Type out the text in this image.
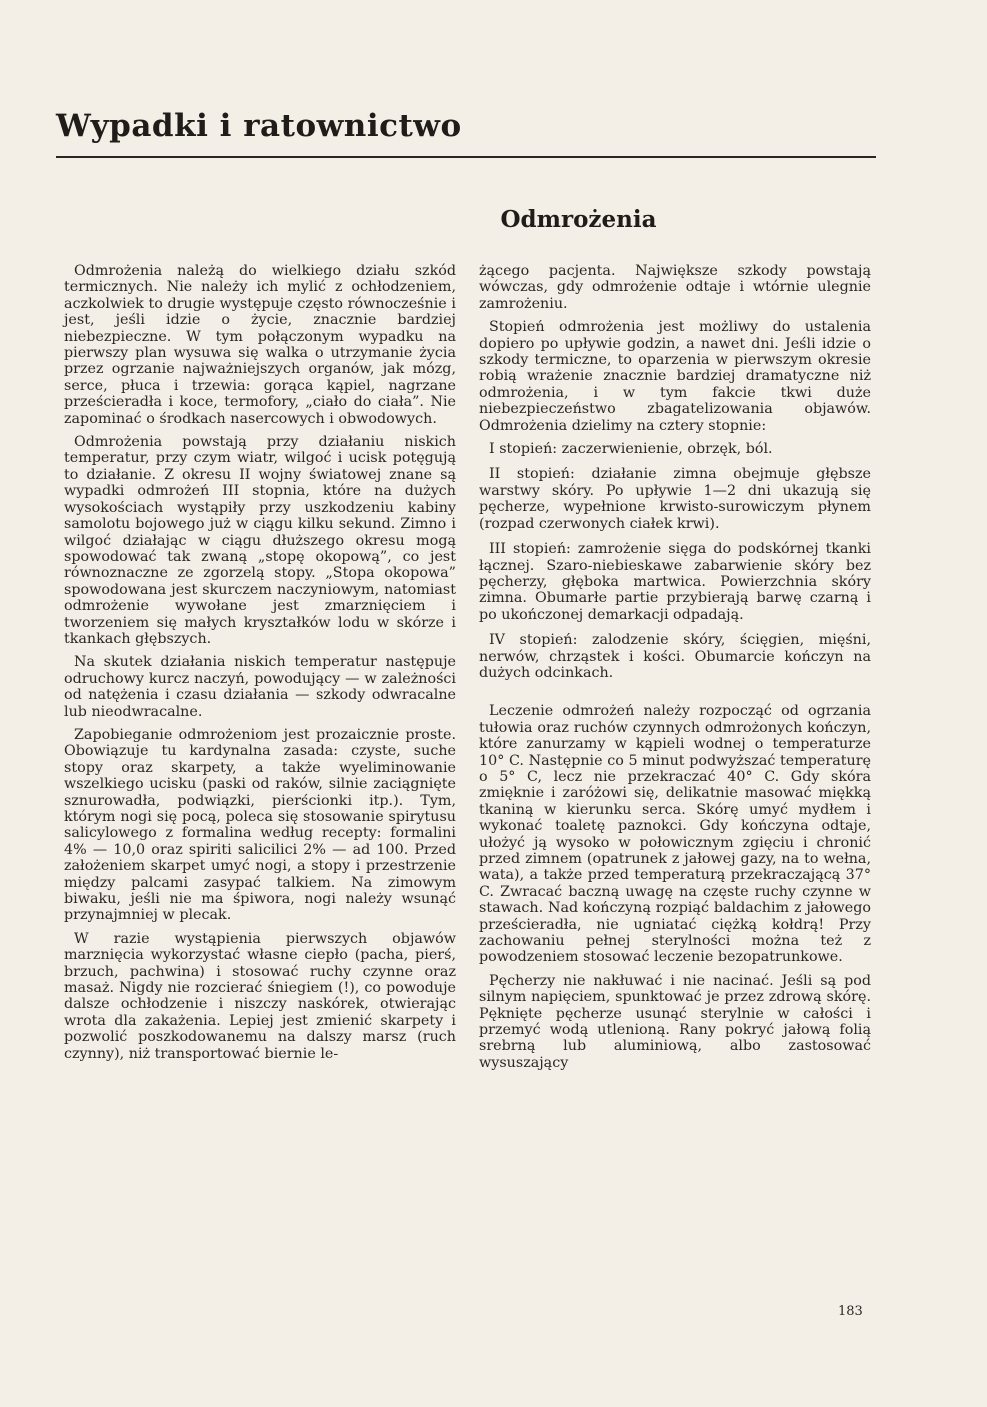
Wypadki i ratownictwo
Odmrożenia

Odmrożenia należą do wielkiego działu szkód termicznych. Nie należy ich mylić z ochłodzeniem, aczkolwiek to drugie występuje często równocześnie i jest, jeśli idzie o życie, znacznie bardziej niebezpieczne. W tym połączonym wypadku na pierwszy plan wysuwa się walka o utrzymanie życia przez ogrzanie najważniejszych organów, jak mózg, serce, płuca i trzewia: gorąca kąpiel, nagrzane prześcieradła i koce, termofory, „ciało do ciała”. Nie zapominać o środkach nasercowych i obwodowych.

Odmrożenia powstają przy działaniu niskich temperatur, przy czym wiatr, wilgoć i ucisk potęgują to działanie. Z okresu II wojny światowej znane są wypadki odmrożeń III stopnia, które na dużych wysokościach wystąpiły przy uszkodzeniu kabiny samolotu bojowego już w ciągu kilku sekund. Zimno i wilgoć działając w ciągu dłuższego okresu mogą spowodować tak zwaną „stopę okopową”, co jest równoznaczne ze zgorzelą stopy. „Stopa okopowa” spowodowana jest skurczem naczyniowym, natomiast odmrożenie wywołane jest zmarznięciem i tworzeniem się małych kryształków lodu w skórze i tkankach głębszych.

Na skutek działania niskich temperatur następuje odruchowy kurcz naczyń, powodujący — w zależności od natężenia i czasu działania — szkody odwracalne lub nieodwracalne.

Zapobieganie odmrożeniom jest prozaicznie proste. Obowiązuje tu kardynalna zasada: czyste, suche stopy oraz skarpety, a także wyeliminowanie wszelkiego ucisku (paski od raków, silnie zaciągnięte sznurowadła, podwiązki, pierścionki itp.). Tym, którym nogi się pocą, poleca się stosowanie spirytusu salicylowego z formalina według recepty: formalini 4% — 10,0 oraz spiriti salicilici 2% — ad 100. Przed założeniem skarpet umyć nogi, a stopy i przestrzenie między palcami zasypać talkiem. Na zimowym biwaku, jeśli nie ma śpiwora, nogi należy wsunąć przynajmniej w plecak.

W razie wystąpienia pierwszych objawów marznięcia wykorzystać własne ciepło (pacha, pierś, brzuch, pachwina) i stosować ruchy czynne oraz masaż. Nigdy nie rozcierać śniegiem (!), co powoduje dalsze ochłodzenie i niszczy naskórek, otwierając wrota dla zakażenia. Lepiej jest zmienić skarpety i pozwolić poszkodowanemu na dalszy marsz (ruch czynny), niż transportować biernie le-

żącego pacjenta. Największe szkody powstają wówczas, gdy odmrożenie odtaje i wtórnie ulegnie zamrożeniu.

Stopień odmrożenia jest możliwy do ustalenia dopiero po upływie godzin, a nawet dni. Jeśli idzie o szkody termiczne, to oparzenia w pierwszym okresie robią wrażenie znacznie bardziej dramatyczne niż odmrożenia, i w tym fakcie tkwi duże niebezpieczeństwo zbagatelizowania objawów. Odmrożenia dzielimy na cztery stopnie:

I stopień: zaczerwienienie, obrzęk, ból.

II stopień: działanie zimna obejmuje głębsze warstwy skóry. Po upływie 1—2 dni ukazują się pęcherze, wypełnione krwisto-surowiczym płynem (rozpad czerwonych ciałek krwi).

III stopień: zamrożenie sięga do podskórnej tkanki łącznej. Szaro-niebieskawe zabarwienie skóry bez pęcherzy, głęboka martwica. Powierzchnia skóry zimna. Obumarłe partie przybierają barwę czarną i po ukończonej demarkacji odpadają.

IV stopień: zalodzenie skóry, ścięgien, mięśni, nerwów, chrząstek i kości. Obumarcie kończyn na dużych odcinkach.

Leczenie odmrożeń należy rozpocząć od ogrzania tułowia oraz ruchów czynnych odmrożonych kończyn, które zanurzamy w kąpieli wodnej o temperaturze 10° C. Następnie co 5 minut podwyższać temperaturę o 5° C, lecz nie przekraczać 40° C. Gdy skóra zmięknie i zaróżowi się, delikatnie masować miękką tkaniną w kierunku serca. Skórę umyć mydłem i wykonać toaletę paznokci. Gdy kończyna odtaje, ułożyć ją wysoko w połowicznym zgięciu i chronić przed zimnem (opatrunek z jałowej gazy, na to wełna, wata), a także przed temperaturą przekraczającą 37° C. Zwracać baczną uwagę na częste ruchy czynne w stawach. Nad kończyną rozpiąć baldachim z jałowego prześcieradła, nie ugniatać ciężką kołdrą! Przy zachowaniu pełnej sterylności można też z powodzeniem stosować leczenie bezopatrunkowe.

Pęcherzy nie nakłuwać i nie nacinać. Jeśli są pod silnym napięciem, spunktować je przez zdrową skórę. Pęknięte pęcherze usunąć sterylnie w całości i przemyć wodą utlenioną. Rany pokryć jałową folią srebrną lub aluminiową, albo zastosować wysuszający

183
